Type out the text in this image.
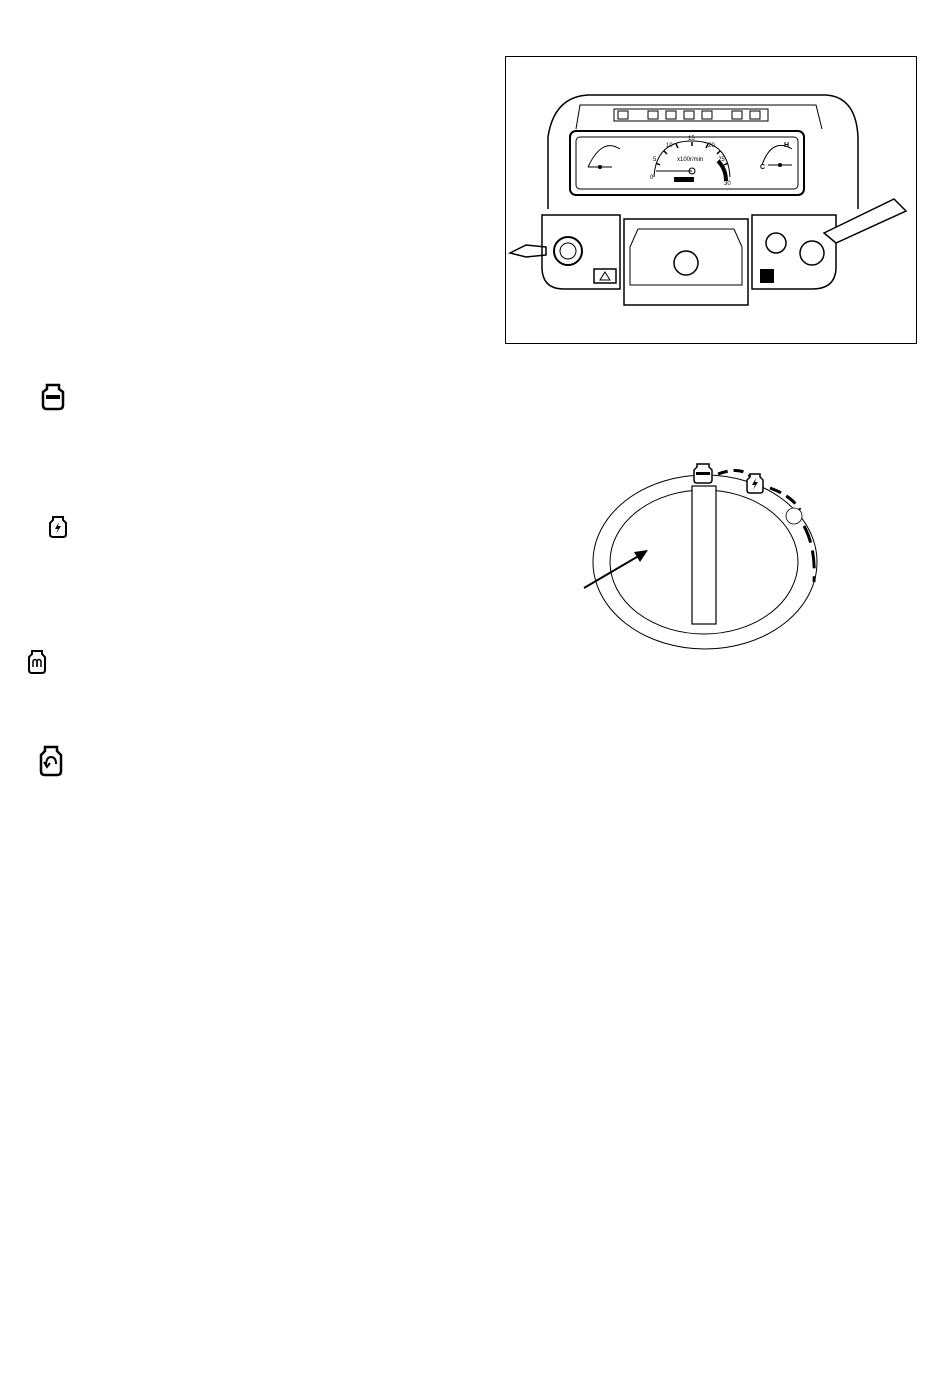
x100r/min
0
5
10
15
20
25
30
C
H
